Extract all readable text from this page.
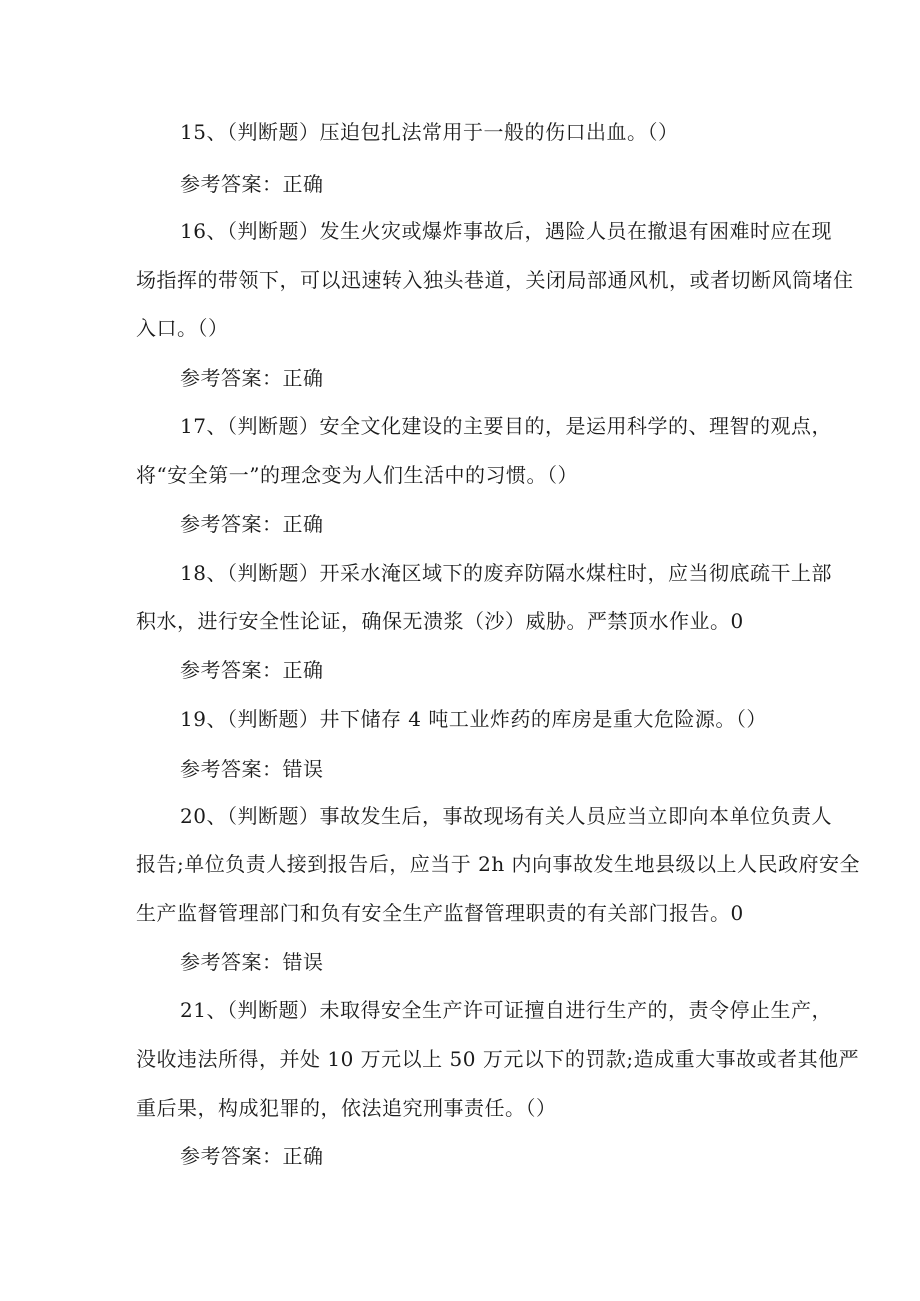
15、（判断题）压迫包扎法常用于一般的伤口出血。（）
参考答案：正确
16、（判断题）发生火灾或爆炸事故后，遇险人员在撤退有困难时应在现
场指挥的带领下，可以迅速转入独头巷道，关闭局部通风机，或者切断风筒堵住
入口。（）
参考答案：正确
17、（判断题）安全文化建设的主要目的，是运用科学的、理智的观点，
将“安全第一”的理念变为人们生活中的习惯。（）
参考答案：正确
18、（判断题）开采水淹区域下的废弃防隔水煤柱时，应当彻底疏干上部
积水，进行安全性论证，确保无溃浆（沙）威胁。严禁顶水作业。0
参考答案：正确
19、（判断题）井下储存 4 吨工业炸药的库房是重大危险源。（）
参考答案：错误
20、（判断题）事故发生后，事故现场有关人员应当立即向本单位负责人
报告;单位负责人接到报告后，应当于 2h 内向事故发生地县级以上人民政府安全
生产监督管理部门和负有安全生产监督管理职责的有关部门报告。0
参考答案：错误
21、（判断题）未取得安全生产许可证擅自进行生产的，责令停止生产，
没收违法所得，并处 10 万元以上 50 万元以下的罚款;造成重大事故或者其他严
重后果，构成犯罪的，依法追究刑事责任。（）
参考答案：正确
